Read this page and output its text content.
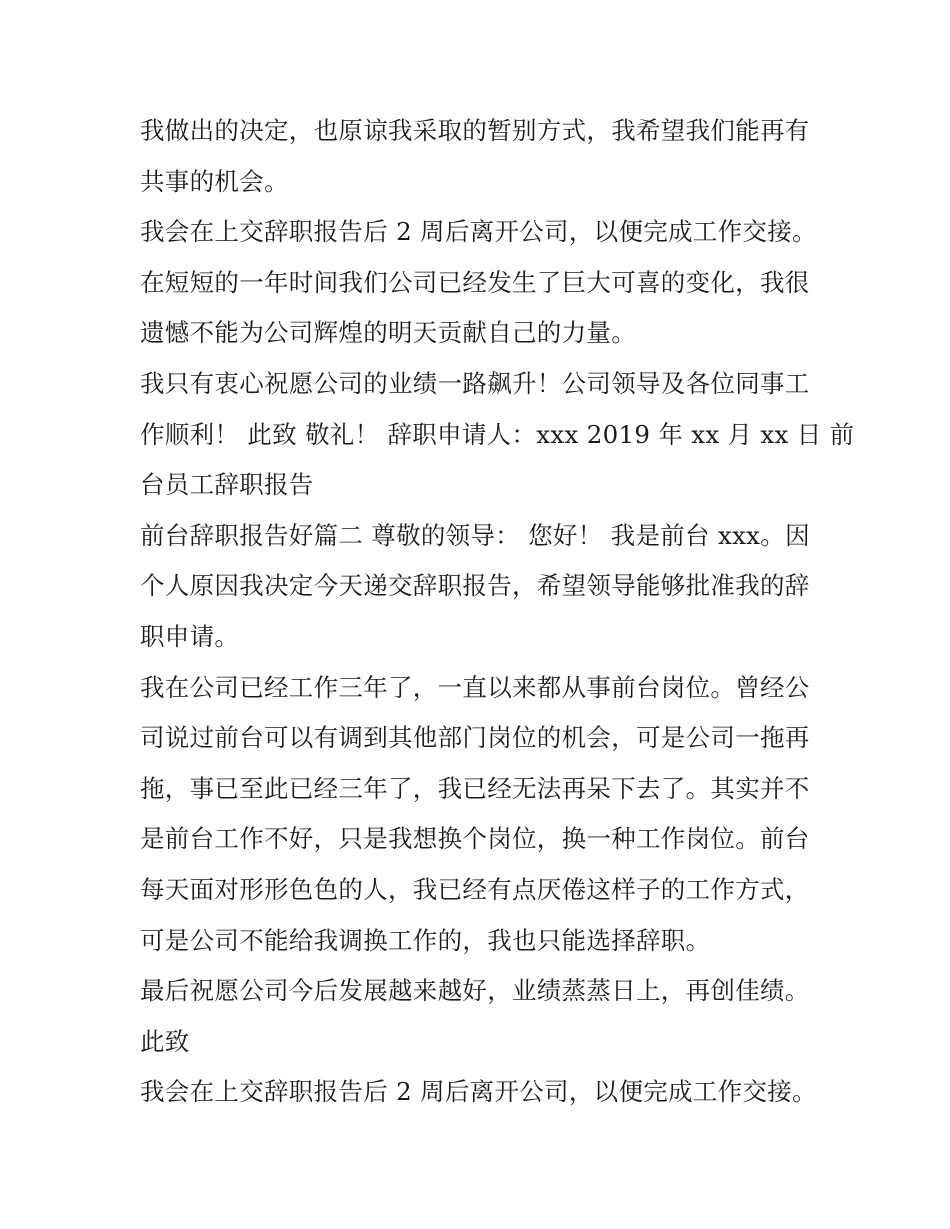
我做出的决定，也原谅我采取的暂别方式，我希望我们能再有
共事的机会。
我会在上交辞职报告后 2 周后离开公司，以便完成工作交接。
在短短的一年时间我们公司已经发生了巨大可喜的变化，我很
遗憾不能为公司辉煌的明天贡献自己的力量。
我只有衷心祝愿公司的业绩一路飙升！公司领导及各位同事工
作顺利！ 此致 敬礼！ 辞职申请人：xxx 2019 年 xx 月 xx 日 前
台员工辞职报告
前台辞职报告好篇二 尊敬的领导： 您好！ 我是前台 xxx。因
个人原因我决定今天递交辞职报告，希望领导能够批准我的辞
职申请。
我在公司已经工作三年了，一直以来都从事前台岗位。曾经公
司说过前台可以有调到其他部门岗位的机会，可是公司一拖再
拖，事已至此已经三年了，我已经无法再呆下去了。其实并不
是前台工作不好，只是我想换个岗位，换一种工作岗位。前台
每天面对形形色色的人，我已经有点厌倦这样子的工作方式，
可是公司不能给我调换工作的，我也只能选择辞职。
最后祝愿公司今后发展越来越好，业绩蒸蒸日上，再创佳绩。
此致
我会在上交辞职报告后 2 周后离开公司，以便完成工作交接。
